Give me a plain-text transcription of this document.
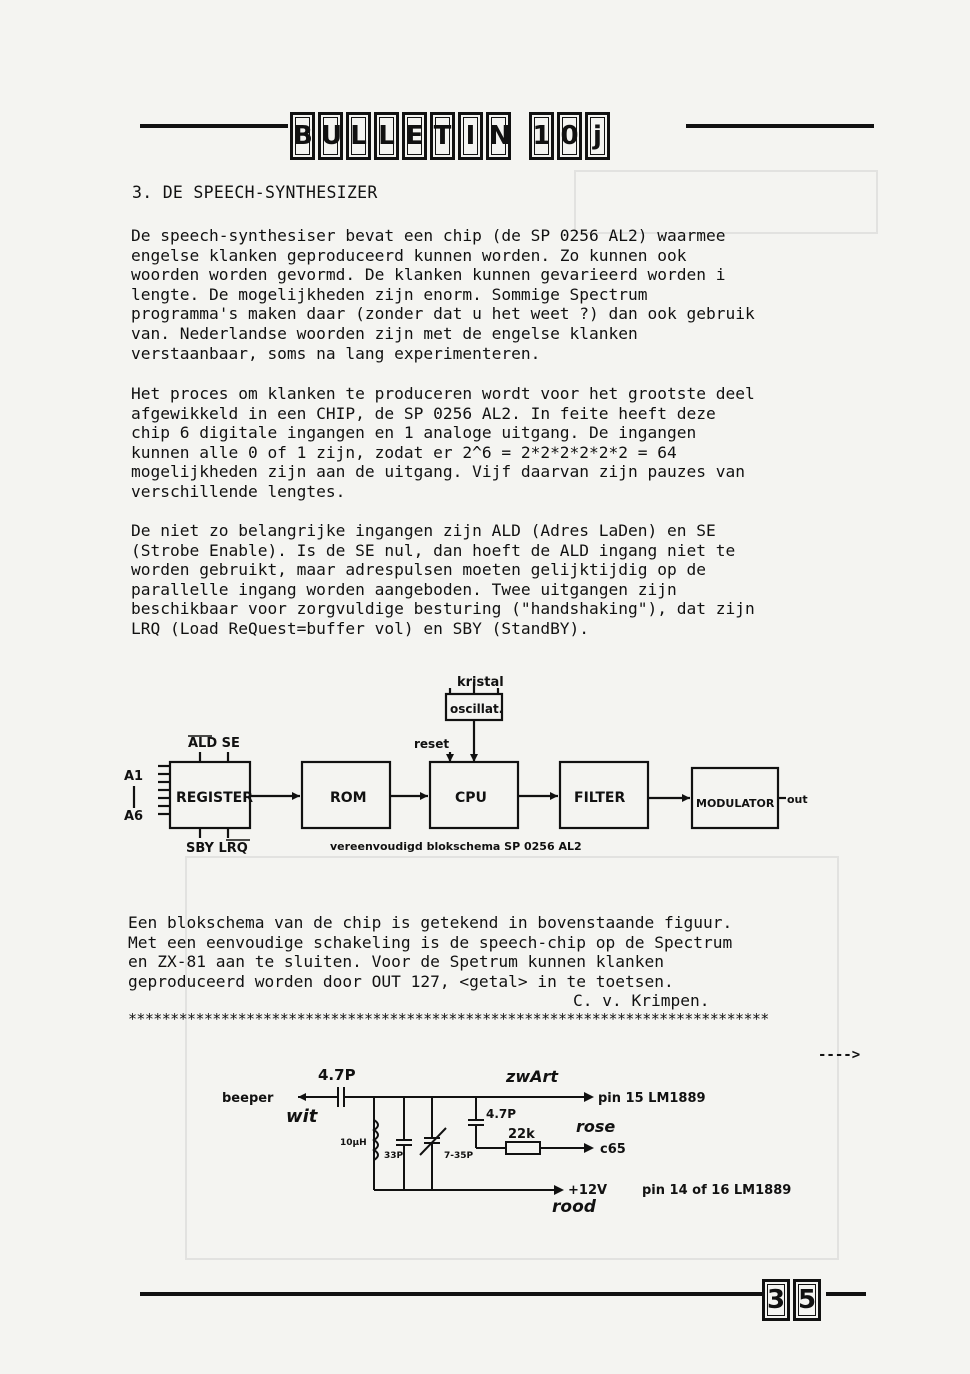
B U L L E T I N 1 0 j
3. DE SPEECH-SYNTHESIZER
De speech-synthesiser bevat een chip (de SP 0256 AL2) waarmee
engelse klanken geproduceerd kunnen worden. Zo kunnen ook
woorden worden gevormd. De klanken kunnen gevarieerd worden i
lengte. De mogelijkheden zijn enorm. Sommige Spectrum
programma's maken daar (zonder dat u het weet ?) dan ook gebruik
van. Nederlandse woorden zijn met de engelse klanken
verstaanbaar, soms na lang experimenteren.
Het proces om klanken te produceren wordt voor het grootste deel
afgewikkeld in een CHIP, de SP 0256 AL2. In feite heeft deze
chip 6 digitale ingangen en 1 analoge uitgang. De ingangen
kunnen alle 0 of 1 zijn, zodat er 2^6 = 2*2*2*2*2*2 = 64
mogelijkheden zijn aan de uitgang. Vijf daarvan zijn pauzes van
verschillende lengtes.
De niet zo belangrijke ingangen zijn ALD (Adres LaDen) en SE
(Strobe Enable). Is de SE nul, dan hoeft de ALD ingang niet te
worden gebruikt, maar adrespulsen moeten gelijktijdig op de
parallelle ingang worden aangeboden. Twee uitgangen zijn
beschikbaar voor zorgvuldige besturing ("handshaking"), dat zijn
LRQ (Load ReQuest=buffer vol) en SBY (StandBY).
kristal
oscillat.
reset
ALD SE
A1
A6
REGISTER	ROM	CPU	FILTER	MODULATOR out
SBY LRQ	vereenvoudigd blokschema SP 0256 AL2
Een blokschema van de chip is getekend in bovenstaande figuur.
Met een eenvoudige schakeling is de speech-chip op de Spectrum
en ZX-81 aan te sluiten. Voor de Spetrum kunnen klanken
geproduceerd worden door OUT 127, <getal> in te toetsen.
C. v. Krimpen.
****************************************************************************
---->
4.7P
beeper
wit
zwArt
pin 15 LM1889
4.7P
10µH
33P	7-35P
22k	rose
c65
+12V	pin 14 of 16 LM1889
rood
3 5
